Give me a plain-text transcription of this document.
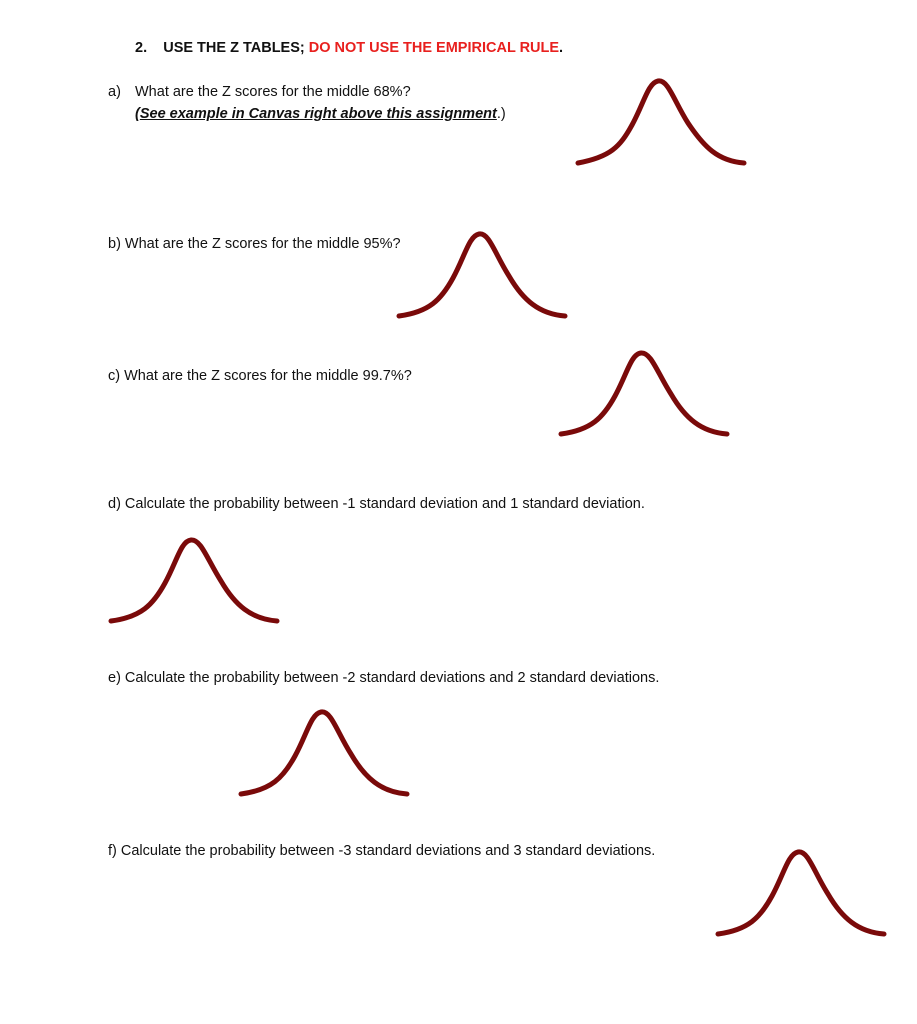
2. USE THE Z TABLES; DO NOT USE THE EMPIRICAL RULE.
a) What are the Z scores for the middle 68%?
(See example in Canvas right above this assignment.)
b) What are the Z scores for the middle 95%?
c) What are the Z scores for the middle 99.7%?
d) Calculate the probability between -1 standard deviation and 1 standard deviation.
e) Calculate the probability between -2 standard deviations and 2 standard deviations.
f) Calculate the probability between -3 standard deviations and 3 standard deviations.
